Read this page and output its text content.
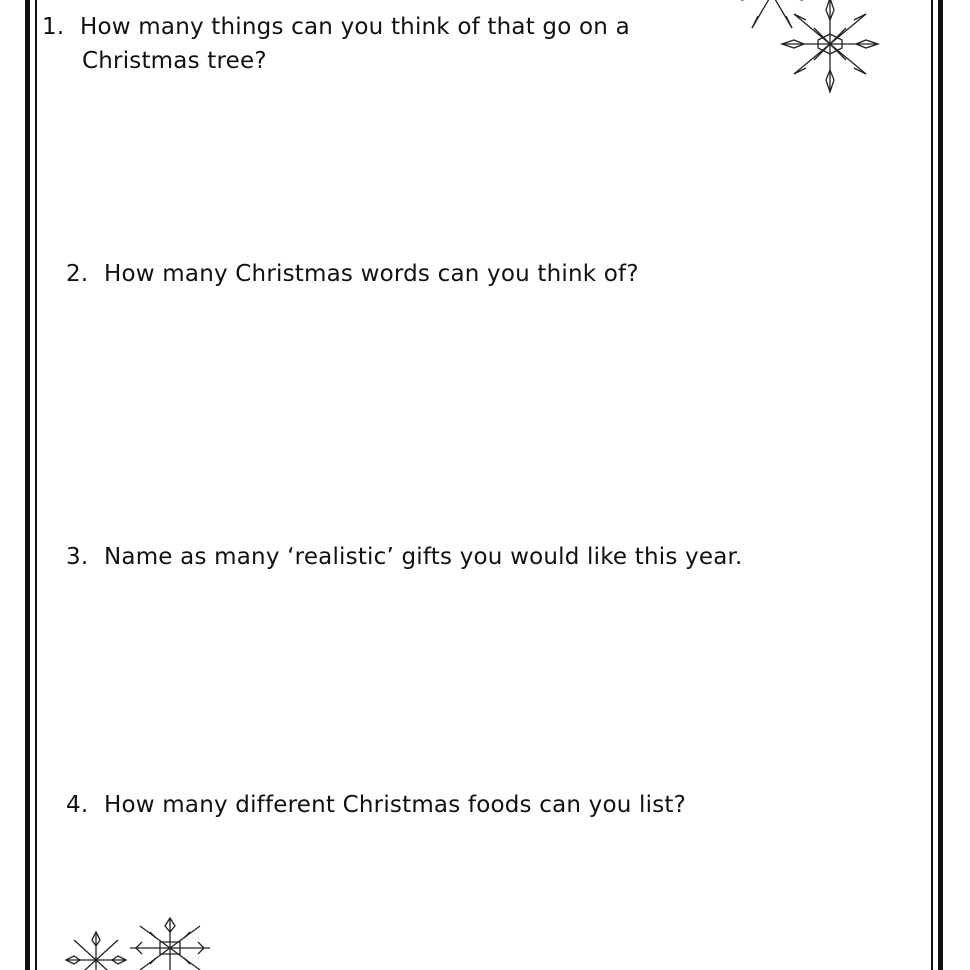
1. How many things can you think of that go on a
Christmas tree?
2. How many Christmas words can you think of?
3. Name as many ‘realistic’ gifts you would like this year.
4. How many different Christmas foods can you list?
